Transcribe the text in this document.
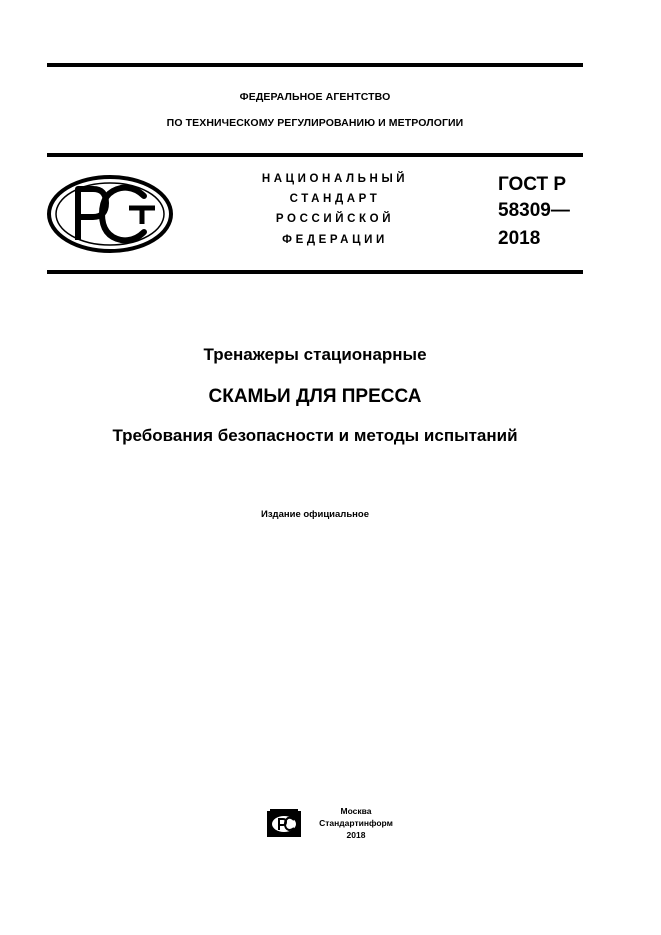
ФЕДЕРАЛЬНОЕ АГЕНТСТВО
ПО ТЕХНИЧЕСКОМУ РЕГУЛИРОВАНИЮ И МЕТРОЛОГИИ
НАЦИОНАЛЬНЫЙ
СТАНДАРТ
РОССИЙСКОЙ
ФЕДЕРАЦИИ
ГОСТ Р
58309—
2018
Тренажеры стационарные
СКАМЬИ ДЛЯ ПРЕССА
Требования безопасности и методы испытаний
Издание официальное
Москва
Стандартинформ
2018
